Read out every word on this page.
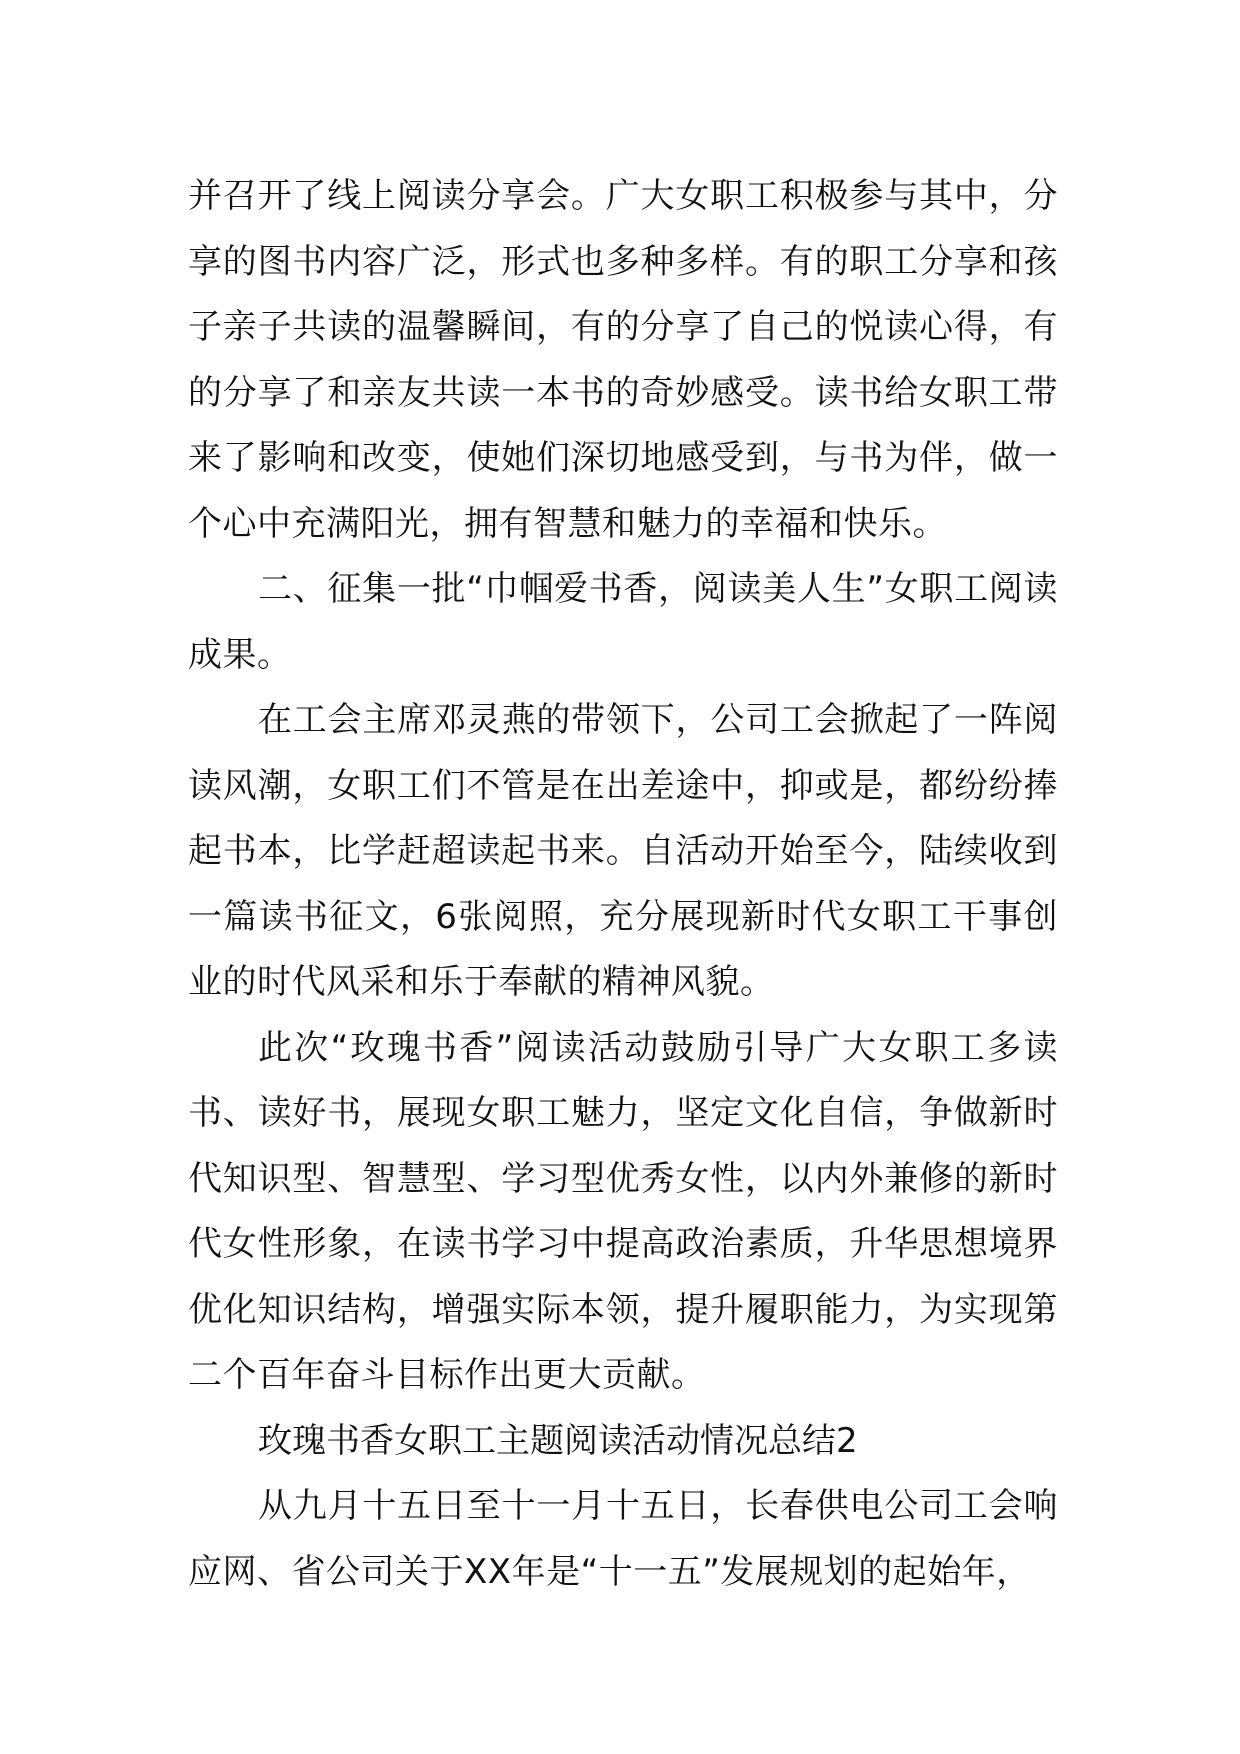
并召开了线上阅读分享会。广大女职工积极参与其中，分享的图书内容广泛，形式也多种多样。有的职工分享和孩子亲子共读的温馨瞬间，有的分享了自己的悦读心得，有的分享了和亲友共读一本书的奇妙感受。读书给女职工带来了影响和改变，使她们深切地感受到，与书为伴，做一个心中充满阳光，拥有智慧和魅力的幸福和快乐。

二、征集一批“巾帼爱书香，阅读美人生”女职工阅读成果。

在工会主席邓灵燕的带领下，公司工会掀起了一阵阅读风潮，女职工们不管是在出差途中，抑或是，都纷纷捧起书本，比学赶超读起书来。自活动开始至今，陆续收到一篇读书征文，6张阅照，充分展现新时代女职工干事创业的时代风采和乐于奉献的精神风貌。

此次“玫瑰书香”阅读活动鼓励引导广大女职工多读书、读好书，展现女职工魅力，坚定文化自信，争做新时代知识型、智慧型、学习型优秀女性，以内外兼修的新时代女性形象，在读书学习中提高政治素质，升华思想境界优化知识结构，增强实际本领，提升履职能力，为实现第二个百年奋斗目标作出更大贡献。

玫瑰书香女职工主题阅读活动情况总结2

从九月十五日至十一月十五日，长春供电公司工会响应网、省公司关于XX年是“十一五”发展规划的起始年，
